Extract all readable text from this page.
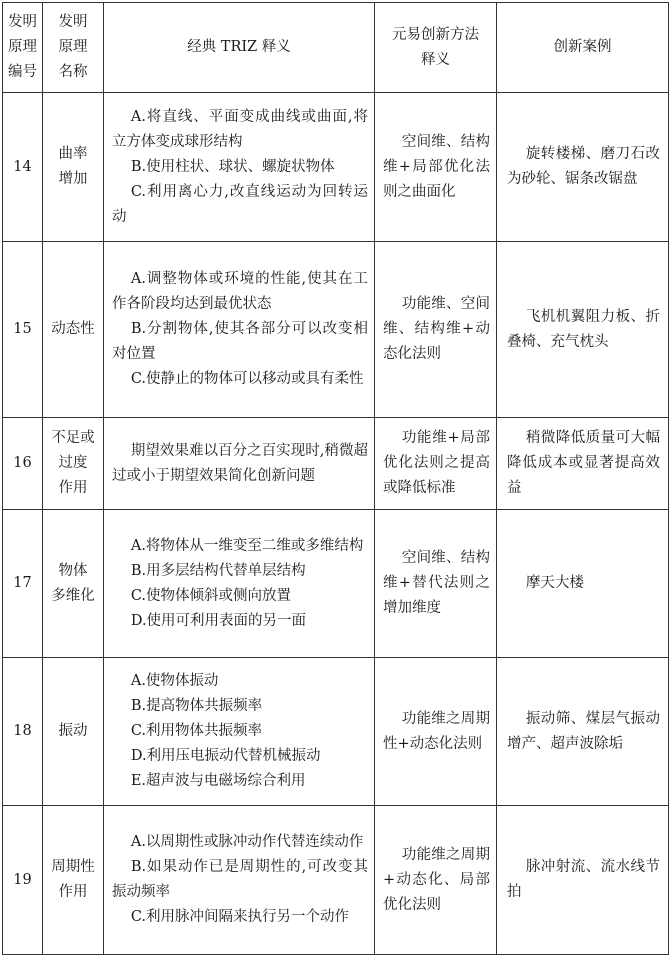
发明
原理
编号	发明
原理
名称	经典 TRIZ 释义	元易创新方法
释义	创新案例
14	曲率
增加	A.将直线、平面变成曲线或曲面,将立方体变成球形结构
B.使用柱状、球状、螺旋状物体
C.利用离心力,改直线运动为回转运动	空间维、结构维+局部优化法则之曲面化	旋转楼梯、磨刀石改为砂轮、锯条改锯盘

15	动态性	A.调整物体或环境的性能,使其在工作各阶段均达到最优状态
B.分割物体,使其各部分可以改变相对位置
C.使静止的物体可以移动或具有柔性	功能维、空间维、结构维+动态化法则	飞机机翼阻力板、折叠椅、充气枕头

16	不足或
过度
作用	期望效果难以百分之百实现时,稍微超过或小于期望效果简化创新问题	功能维+局部优化法则之提高或降低标准	稍微降低质量可大幅降低成本或显著提高效益

17	物体
多维化	A.将物体从一维变至二维或多维结构
B.用多层结构代替单层结构
C.使物体倾斜或侧向放置
D.使用可利用表面的另一面	空间维、结构维+替代法则之增加维度	摩天大楼

18	振动	A.使物体振动
B.提高物体共振频率
C.利用物体共振频率
D.利用压电振动代替机械振动
E.超声波与电磁场综合利用	功能维之周期性+动态化法则	振动筛、煤层气振动增产、超声波除垢

19	周期性
作用	A.以周期性或脉冲动作代替连续动作
B.如果动作已是周期性的,可改变其振动频率
C.利用脉冲间隔来执行另一个动作	功能维之周期+动态化、局部优化法则	脉冲射流、流水线节拍
